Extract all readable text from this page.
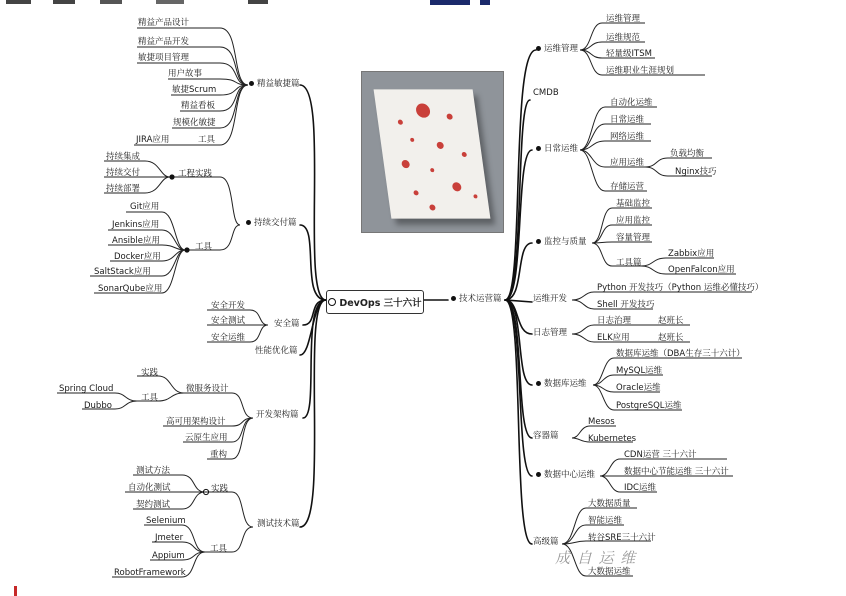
DevOps 三十六计
精益敏捷篇
精益产品设计
精益产品开发
敏捷项目管理
用户故事
敏捷Scrum
精益看板
规模化敏捷
工具
JIRA应用
持续交付篇
工程实践
持续集成
持续交付
持续部署
工具
Git应用
Jenkins应用
Ansible应用
Docker应用
SaltStack应用
SonarQube应用
安全篇
安全开发
安全测试
安全运维
性能优化篇
开发架构篇
微服务设计
实践
工具
Spring Cloud
Dubbo
高可用架构设计
云原生应用
重构
测试技术篇
实践
测试方法
自动化测试
契约测试
工具
Selenium
Jmeter
Appium
RobotFramework
技术运营篇
运维管理
运维管理
运维规范
轻量级ITSM
运维职业生涯规划
CMDB
日常运维
自动化运维
日常运维
网络运维
应用运维
存储运营
负载均衡
Nginx技巧
监控与质量
基础监控
应用监控
容量管理
工具篇
Zabbix应用
OpenFalcon应用
运维开发
Python 开发技巧（Python 运维必懂技巧）
Shell 开发技巧
日志管理
日志治理
ELK应用
赵班长
赵班长
数据库运维
数据库运维（DBA生存三十六计）
MySQL运维
Oracle运维
PostgreSQL运维
容器篇
Mesos
Kubernetes
数据中心运维
CDN运营 三十六计
数据中心节能运维 三十六计
IDC运维
高级篇
大数据质量
智能运维
转谷SRE三十六计
大数据运维
成 自 运 维
